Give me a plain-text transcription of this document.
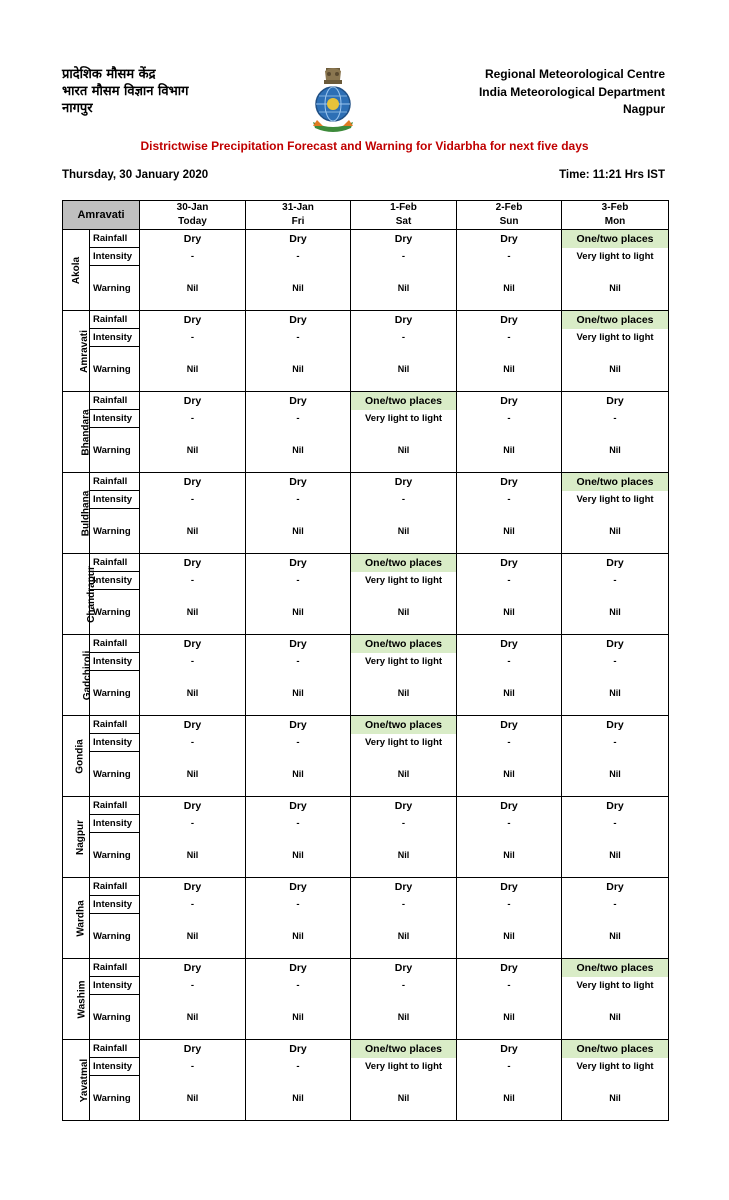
प्रादेशिक मौसम केंद्र
भारत मौसम विज्ञान विभाग
नागपुर
Regional Meteorological Centre
India Meteorological Department
Nagpur
Districtwise Precipitation Forecast and Warning for Vidarbha for next five days
Thursday, 30 January 2020	Time: 11:21 Hrs IST
Amravati		30-Jan	31-Jan	1-Feb	2-Feb	3-Feb
		Today	Fri	Sat	Sun	Mon
Akola	Rainfall	Dry	Dry	Dry	Dry	One/two places
	Intensity	-	-	-	-	Very light to light
	Warning	Nil	Nil	Nil	Nil	Nil
Amravati	Rainfall	Dry	Dry	Dry	Dry	One/two places
	Intensity	-	-	-	-	Very light to light
	Warning	Nil	Nil	Nil	Nil	Nil
Bhandara	Rainfall	Dry	Dry	One/two places	Dry	Dry
	Intensity	-	-	Very light to light	-	-
	Warning	Nil	Nil	Nil	Nil	Nil
Buldhana	Rainfall	Dry	Dry	Dry	Dry	One/two places
	Intensity	-	-	-	-	Very light to light
	Warning	Nil	Nil	Nil	Nil	Nil
Chandrapur	Rainfall	Dry	Dry	One/two places	Dry	Dry
	Intensity	-	-	Very light to light	-	-
	Warning	Nil	Nil	Nil	Nil	Nil
Gadchiroli	Rainfall	Dry	Dry	One/two places	Dry	Dry
	Intensity	-	-	Very light to light	-	-
	Warning	Nil	Nil	Nil	Nil	Nil
Gondia	Rainfall	Dry	Dry	One/two places	Dry	Dry
	Intensity	-	-	Very light to light	-	-
	Warning	Nil	Nil	Nil	Nil	Nil
Nagpur	Rainfall	Dry	Dry	Dry	Dry	Dry
	Intensity	-	-	-	-	-
	Warning	Nil	Nil	Nil	Nil	Nil
Wardha	Rainfall	Dry	Dry	Dry	Dry	Dry
	Intensity	-	-	-	-	-
	Warning	Nil	Nil	Nil	Nil	Nil
Washim	Rainfall	Dry	Dry	Dry	Dry	One/two places
	Intensity	-	-	-	-	Very light to light
	Warning	Nil	Nil	Nil	Nil	Nil
Yavatmal	Rainfall	Dry	Dry	One/two places	Dry	One/two places
	Intensity	-	-	Very light to light	-	Very light to light
	Warning	Nil	Nil	Nil	Nil	Nil
